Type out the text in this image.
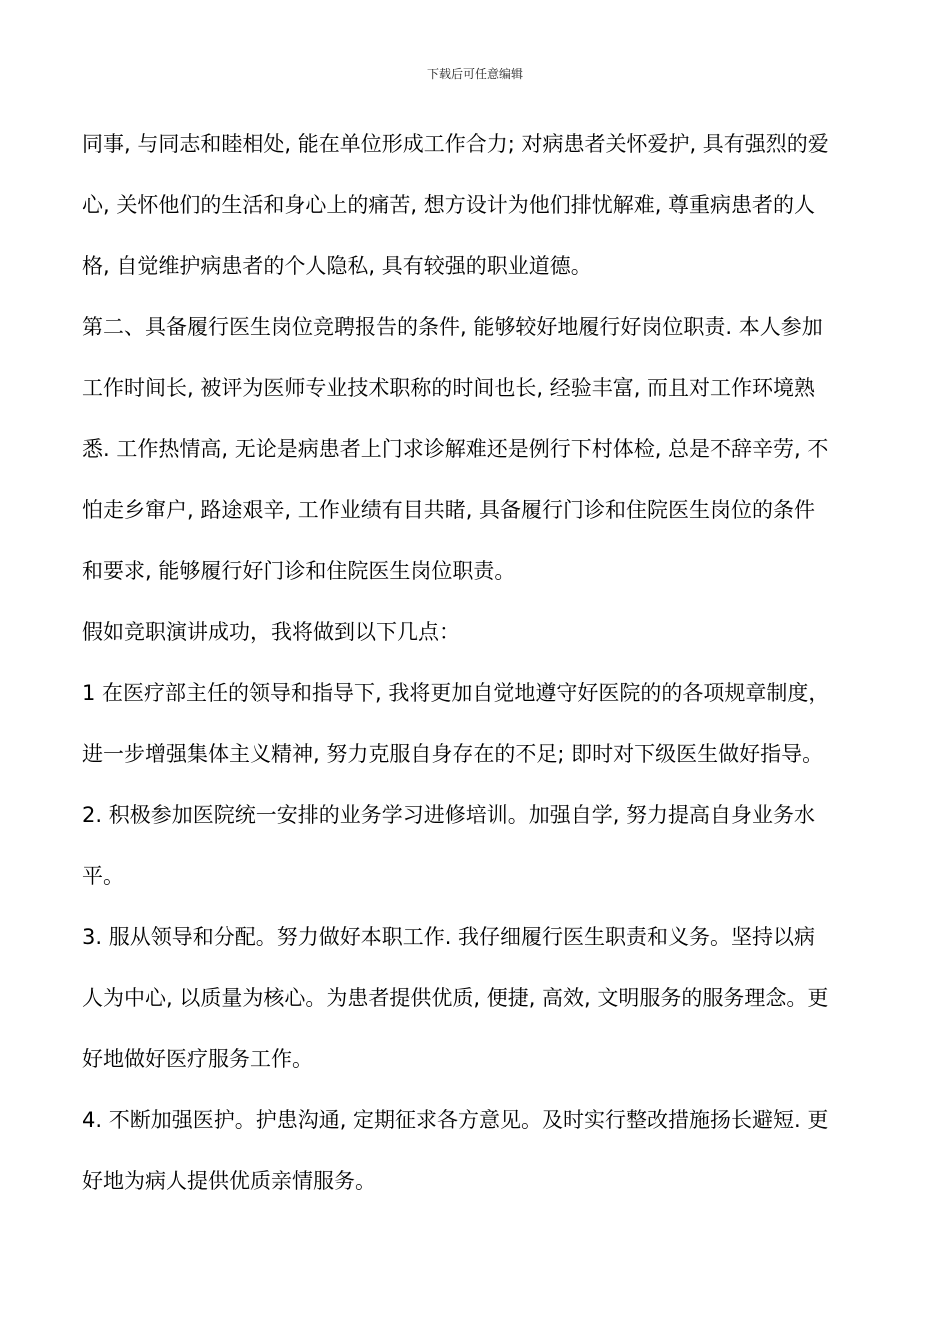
下载后可任意编辑

同事, 与同志和睦相处, 能在单位形成工作合力; 对病患者关怀爱护, 具有强烈的爱
心, 关怀他们的生活和身心上的痛苦, 想方设计为他们排忧解难, 尊重病患者的人
格, 自觉维护病患者的个人隐私, 具有较强的职业道德。

第二、具备履行医生岗位竞聘报告的条件, 能够较好地履行好岗位职责. 本人参加
工作时间长, 被评为医师专业技术职称的时间也长, 经验丰富, 而且对工作环境熟
悉. 工作热情高, 无论是病患者上门求诊解难还是例行下村体检, 总是不辞辛劳, 不
怕走乡窜户, 路途艰辛, 工作业绩有目共睹, 具备履行门诊和住院医生岗位的条件
和要求, 能够履行好门诊和住院医生岗位职责。

假如竞职演讲成功，我将做到以下几点：

1 在医疗部主任的领导和指导下, 我将更加自觉地遵守好医院的的各项规章制度，
进一步增强集体主义精神, 努力克服自身存在的不足; 即时对下级医生做好指导。

2. 积极参加医院统一安排的业务学习进修培训。加强自学, 努力提高自身业务水
平。

3. 服从领导和分配。努力做好本职工作. 我仔细履行医生职责和义务。坚持以病
人为中心, 以质量为核心。为患者提供优质, 便捷, 高效, 文明服务的服务理念。更
好地做好医疗服务工作。

4. 不断加强医护。护患沟通, 定期征求各方意见。及时实行整改措施扬长避短. 更
好地为病人提供优质亲情服务。
